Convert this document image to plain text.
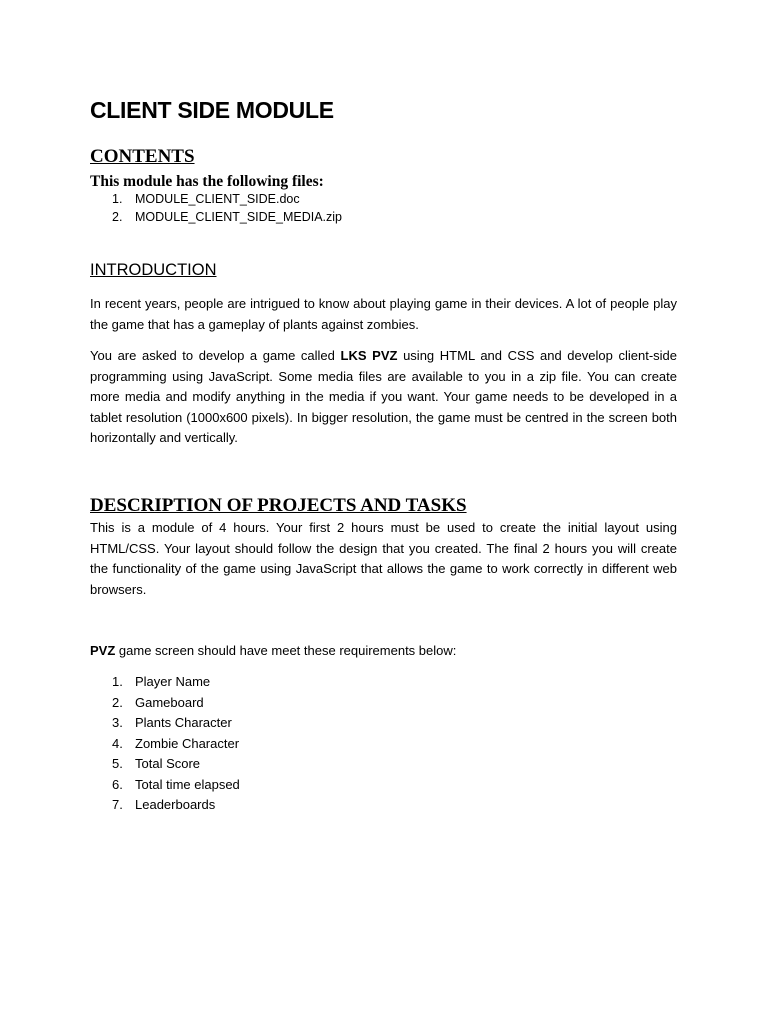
CLIENT SIDE MODULE
CONTENTS

This module has the following files:

1. MODULE_CLIENT_SIDE.doc
2. MODULE_CLIENT_SIDE_MEDIA.zip
INTRODUCTION

In recent years, people are intrigued to know about playing game in their devices. A lot of people play the game that has a gameplay of plants against zombies.

You are asked to develop a game called LKS PVZ using HTML and CSS and develop client-side programming using JavaScript. Some media files are available to you in a zip file. You can create more media and modify anything in the media if you want. Your game needs to be developed in a tablet resolution (1000x600 pixels). In bigger resolution, the game must be centred in the screen both horizontally and vertically.

DESCRIPTION OF PROJECTS AND TASKS

This is a module of 4 hours. Your first 2 hours must be used to create the initial layout using HTML/CSS. Your layout should follow the design that you created. The final 2 hours you will create the functionality of the game using JavaScript that allows the game to work correctly in different web browsers.

PVZ game screen should have meet these requirements below:

1. Player Name
2. Gameboard
3. Plants Character
4. Zombie Character
5. Total Score
6. Total time elapsed
7. Leaderboards
